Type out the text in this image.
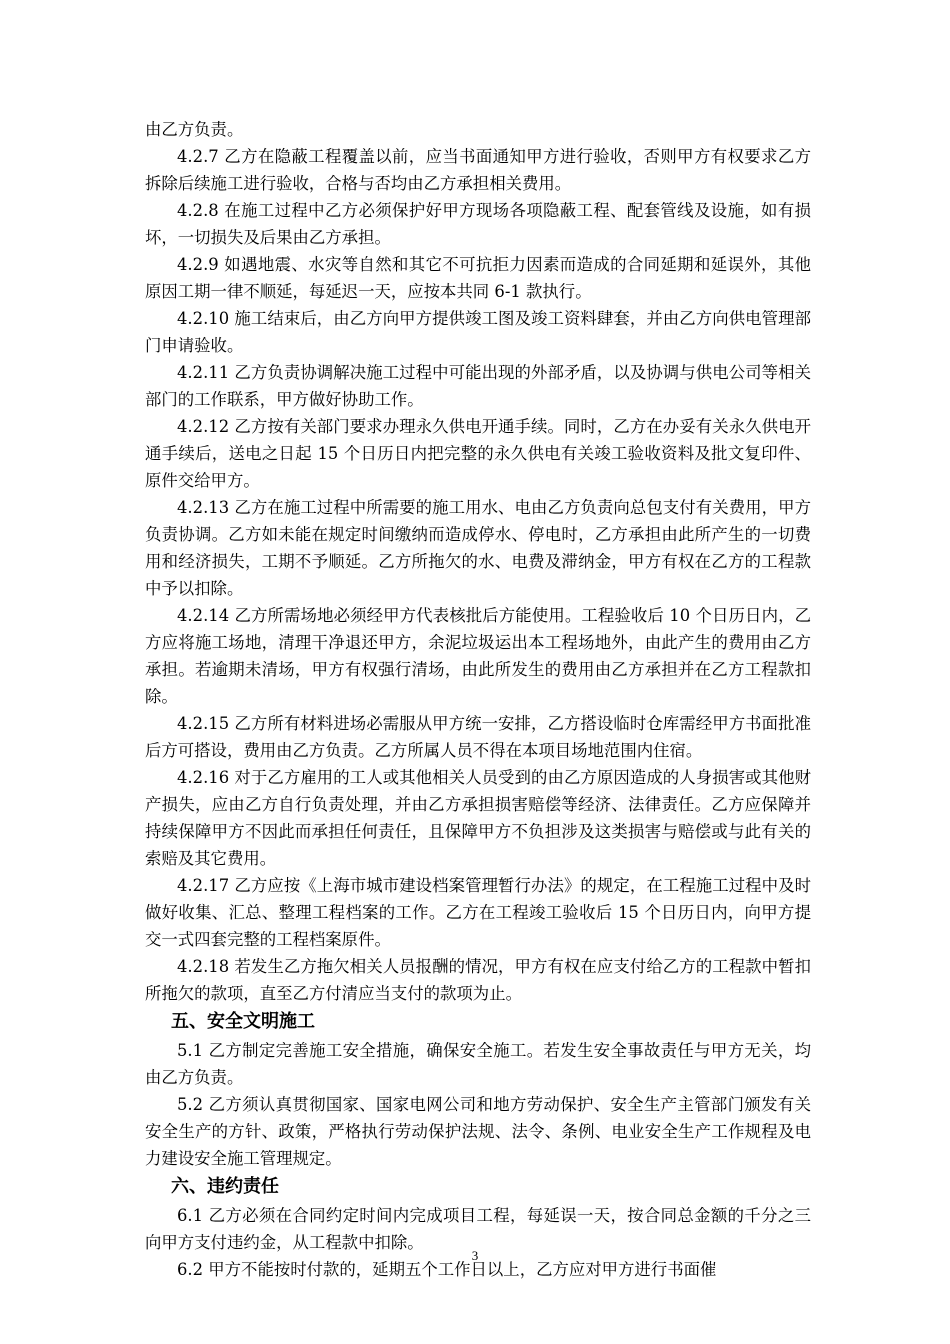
由乙方负责。

4.2.7 乙方在隐蔽工程覆盖以前，应当书面通知甲方进行验收，否则甲方有权要求乙方拆除后续施工进行验收，合格与否均由乙方承担相关费用。

4.2.8 在施工过程中乙方必须保护好甲方现场各项隐蔽工程、配套管线及设施，如有损坏，一切损失及后果由乙方承担。

4.2.9 如遇地震、水灾等自然和其它不可抗拒力因素而造成的合同延期和延误外，其他原因工期一律不顺延，每延迟一天，应按本共同 6-1 款执行。

4.2.10 施工结束后，由乙方向甲方提供竣工图及竣工资料肆套，并由乙方向供电管理部门申请验收。

4.2.11 乙方负责协调解决施工过程中可能出现的外部矛盾，以及协调与供电公司等相关部门的工作联系，甲方做好协助工作。

4.2.12 乙方按有关部门要求办理永久供电开通手续。同时，乙方在办妥有关永久供电开通手续后，送电之日起 15 个日历日内把完整的永久供电有关竣工验收资料及批文复印件、原件交给甲方。

4.2.13 乙方在施工过程中所需要的施工用水、电由乙方负责向总包支付有关费用，甲方负责协调。乙方如未能在规定时间缴纳而造成停水、停电时，乙方承担由此所产生的一切费用和经济损失，工期不予顺延。乙方所拖欠的水、电费及滞纳金，甲方有权在乙方的工程款中予以扣除。

4.2.14 乙方所需场地必须经甲方代表核批后方能使用。工程验收后 10 个日历日内，乙方应将施工场地，清理干净退还甲方，余泥垃圾运出本工程场地外，由此产生的费用由乙方承担。若逾期未清场，甲方有权强行清场，由此所发生的费用由乙方承担并在乙方工程款扣除。

4.2.15 乙方所有材料进场必需服从甲方统一安排，乙方搭设临时仓库需经甲方书面批准后方可搭设，费用由乙方负责。乙方所属人员不得在本项目场地范围内住宿。

4.2.16 对于乙方雇用的工人或其他相关人员受到的由乙方原因造成的人身损害或其他财产损失，应由乙方自行负责处理，并由乙方承担损害赔偿等经济、法律责任。乙方应保障并持续保障甲方不因此而承担任何责任，且保障甲方不负担涉及这类损害与赔偿或与此有关的索赔及其它费用。

4.2.17 乙方应按《上海市城市建设档案管理暂行办法》的规定，在工程施工过程中及时做好收集、汇总、整理工程档案的工作。乙方在工程竣工验收后 15 个日历日内，向甲方提交一式四套完整的工程档案原件。

4.2.18 若发生乙方拖欠相关人员报酬的情况，甲方有权在应支付给乙方的工程款中暂扣所拖欠的款项，直至乙方付清应当支付的款项为止。

五、安全文明施工

5.1 乙方制定完善施工安全措施，确保安全施工。若发生安全事故责任与甲方无关，均由乙方负责。

5.2 乙方须认真贯彻国家、国家电网公司和地方劳动保护、安全生产主管部门颁发有关安全生产的方针、政策，严格执行劳动保护法规、法令、条例、电业安全生产工作规程及电力建设安全施工管理规定。

六、违约责任

6.1 乙方必须在合同约定时间内完成项目工程，每延误一天，按合同总金额的千分之三向甲方支付违约金，从工程款中扣除。

6.2 甲方不能按时付款的，延期五个工作日以上，乙方应对甲方进行书面催

3
